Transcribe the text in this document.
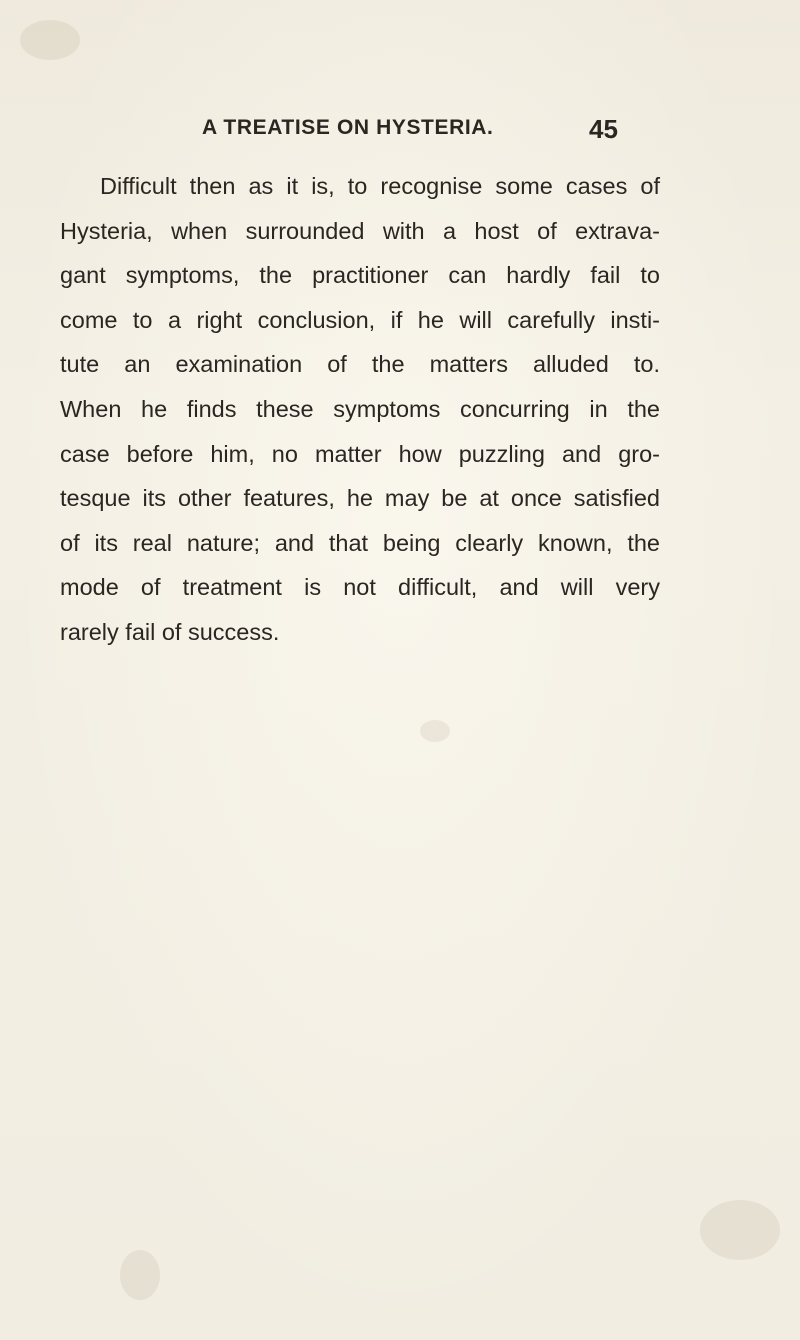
A TREATISE ON HYSTERIA.	45
Difficult then as it is, to recognise some cases of
Hysteria, when surrounded with a host of extrava-
gant symptoms, the practitioner can hardly fail to
come to a right conclusion, if he will carefully insti-
tute an examination of the matters alluded to.
When he finds these symptoms concurring in the
case before him, no matter how puzzling and gro-
tesque its other features, he may be at once satisfied
of its real nature; and that being clearly known, the
mode of treatment is not difficult, and will very
rarely fail of success.
